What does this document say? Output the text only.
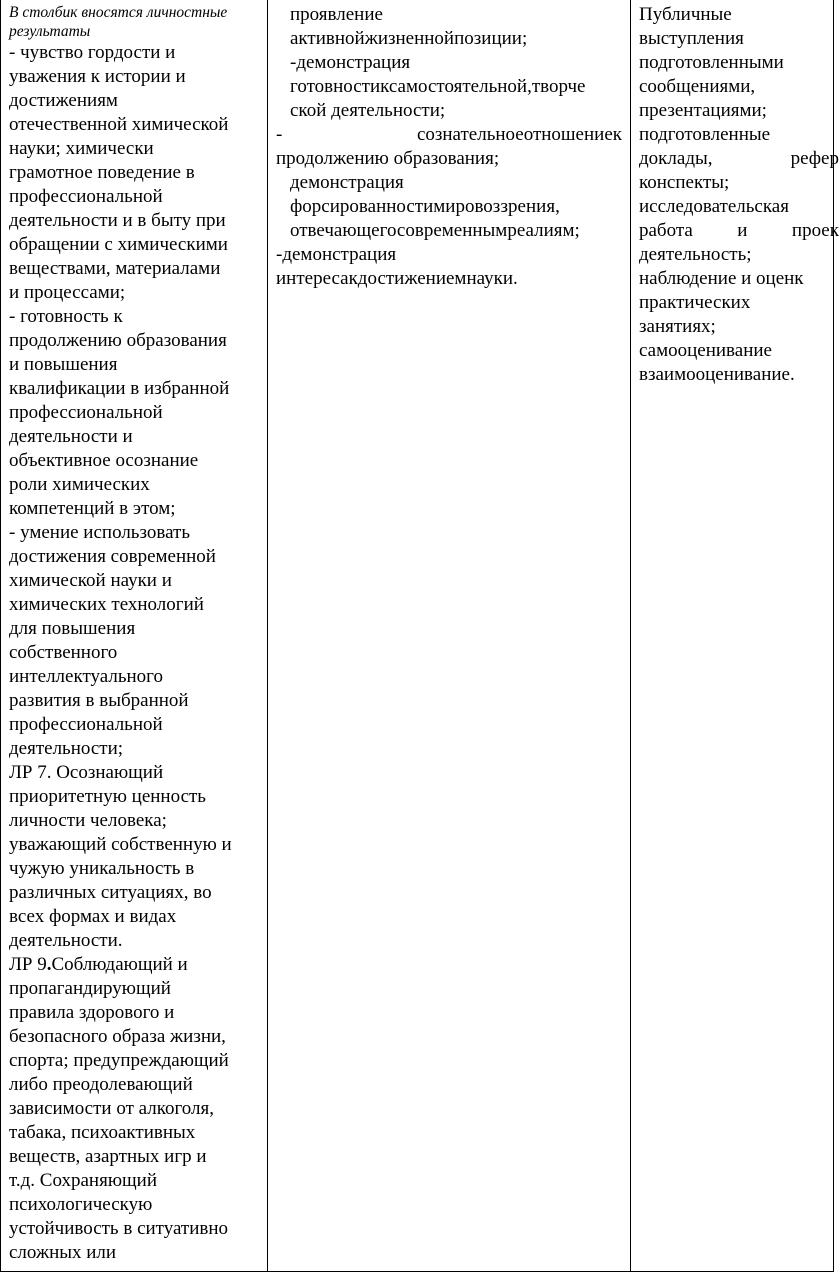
В столбик вносятся личностные результаты
- чувство гордости и
уважения к истории и
достижениям
отечественной химической
науки; химически
грамотное поведение в
профессиональной
деятельности и в быту при
обращении с химическими
веществами, материалами
и процессами;
- готовность к
продолжению образования
и повышения
квалификации в избранной
профессиональной
деятельности и
объективное осознание
роли химических
компетенций в этом;
- умение использовать
достижения современной
химической науки и
химических технологий
для повышения
собственного
интеллектуального
развития в выбранной
профессиональной
деятельности;
ЛР 7. Осознающий
приоритетную ценность
личности человека;
уважающий собственную и
чужую уникальность в
различных ситуациях, во
всех формах и видах
деятельности.
ЛР 9.Соблюдающий и
пропагандирующий
правила здорового и
безопасного образа жизни,
спорта; предупреждающий
либо преодолевающий
зависимости от алкоголя,
табака, психоактивных
веществ, азартных игр и
т.д. Сохраняющий
психологическую
устойчивость в ситуативно
сложных или

проявление
активнойжизненнойпозиции;
-демонстрация
готовностиксамостоятельной,творче
ской деятельности;
-	сознательноеотношениек
продолжению образования;
демонстрация
форсированностимировоззрения,
отвечающегосовременнымреалиям;
-демонстрация
интересакдостижениемнауки.

Публичные
выступления
подготовленными
сообщениями,
презентациями;
подготовленные
доклады,	рефер
конспекты;
исследовательская
работа и проек
деятельность;
наблюдение и оценк
практических
занятиях;
самооценивание
взаимооценивание.
